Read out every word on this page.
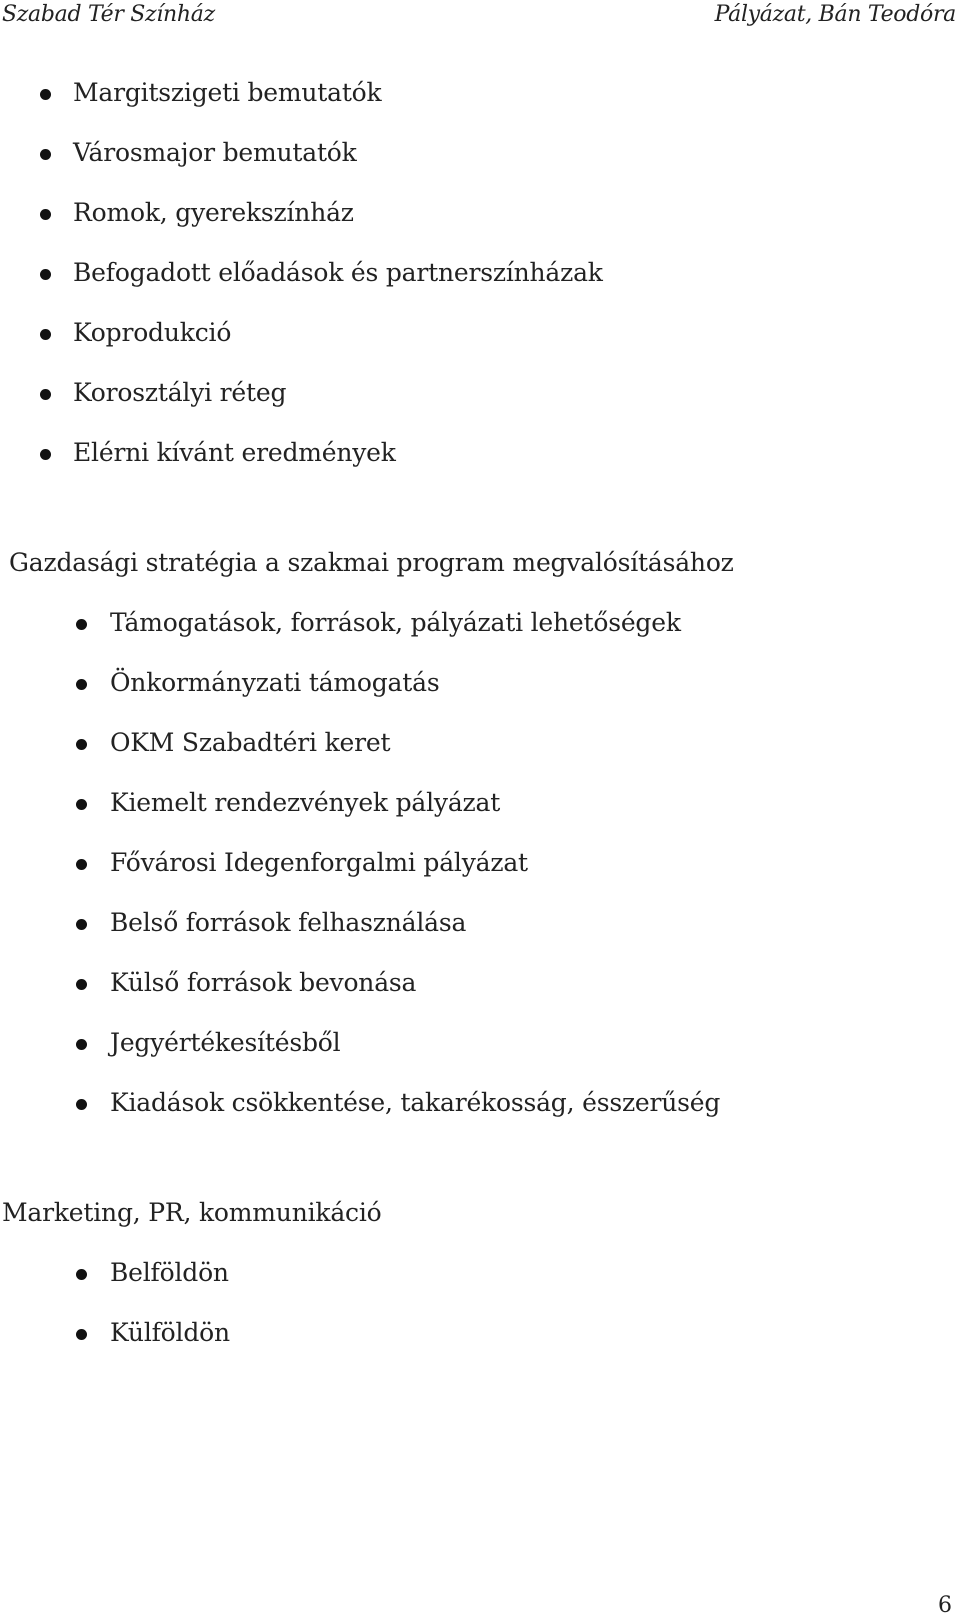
Szabad Tér Színház	Pályázat, Bán Teodóra
Margitszigeti bemutatók
Városmajor bemutatók
Romok, gyerekszínház
Befogadott előadások és partnerszínházak
Koprodukció
Korosztályi réteg
Elérni kívánt eredmények
Gazdasági stratégia a szakmai program megvalósításához
Támogatások, források, pályázati lehetőségek
Önkormányzati támogatás
OKM Szabadtéri keret
Kiemelt rendezvények pályázat
Fővárosi Idegenforgalmi pályázat
Belső források felhasználása
Külső források bevonása
Jegyértékesítésből
Kiadások csökkentése, takarékosság, ésszerűség
Marketing, PR, kommunikáció
Belföldön
Külföldön
6
